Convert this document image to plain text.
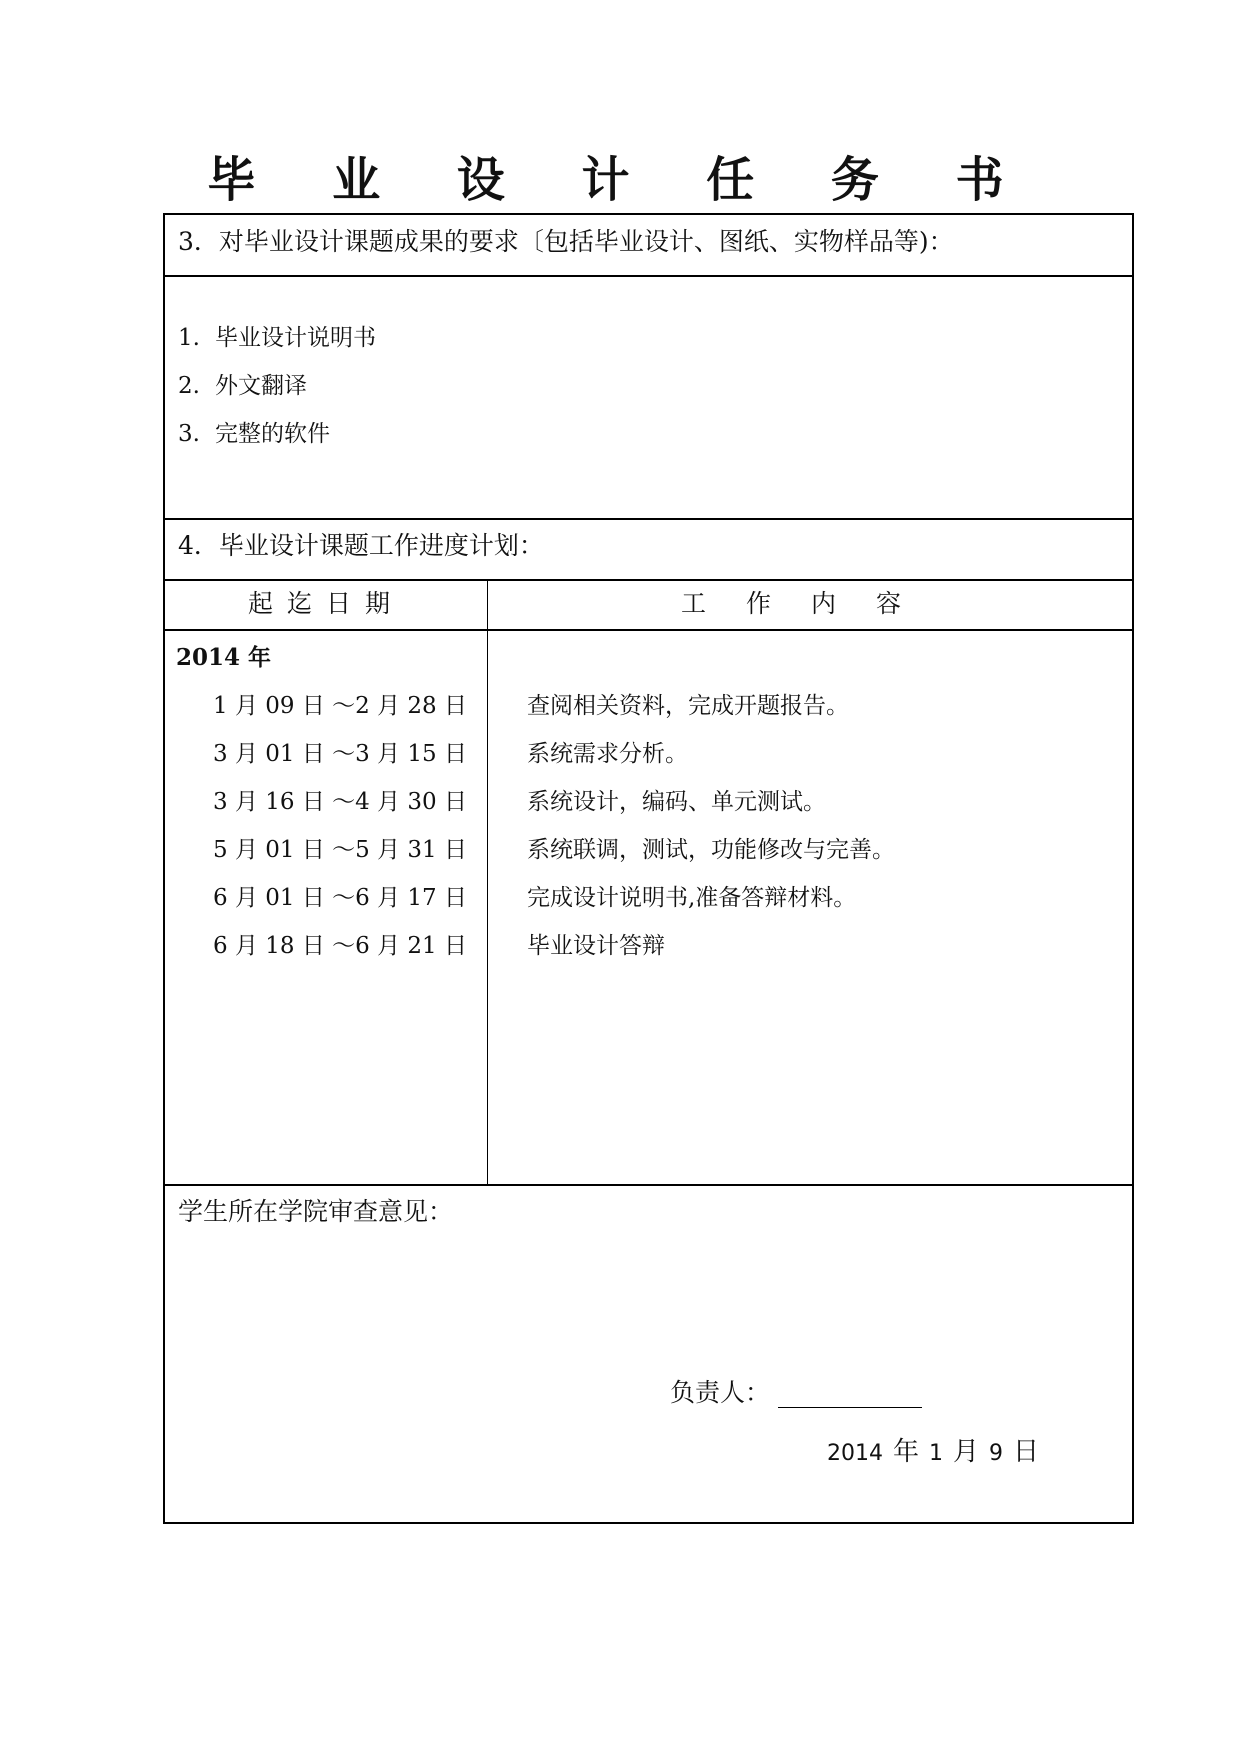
毕 业 设 计 任 务 书
3．对毕业设计课题成果的要求〔包括毕业设计、图纸、实物样品等)：
1. 毕业设计说明书
2. 外文翻译
3. 完整的软件
4．毕业设计课题工作进度计划：
起迄日期	工作内容
2014 年
1 月 09 日 ～2 月 28 日	查阅相关资料，完成开题报告。
3 月 01 日 ～3 月 15 日	系统需求分析。
3 月 16 日 ～4 月 30 日	系统设计，编码、单元测试。
5 月 01 日 ～5 月 31 日	系统联调，测试，功能修改与完善。
6 月 01 日 ～6 月 17 日	完成设计说明书,准备答辩材料。
6 月 18 日 ～6 月 21 日	毕业设计答辩
学生所在学院审查意见：
负责人：
2014 年 1 月 9 日
